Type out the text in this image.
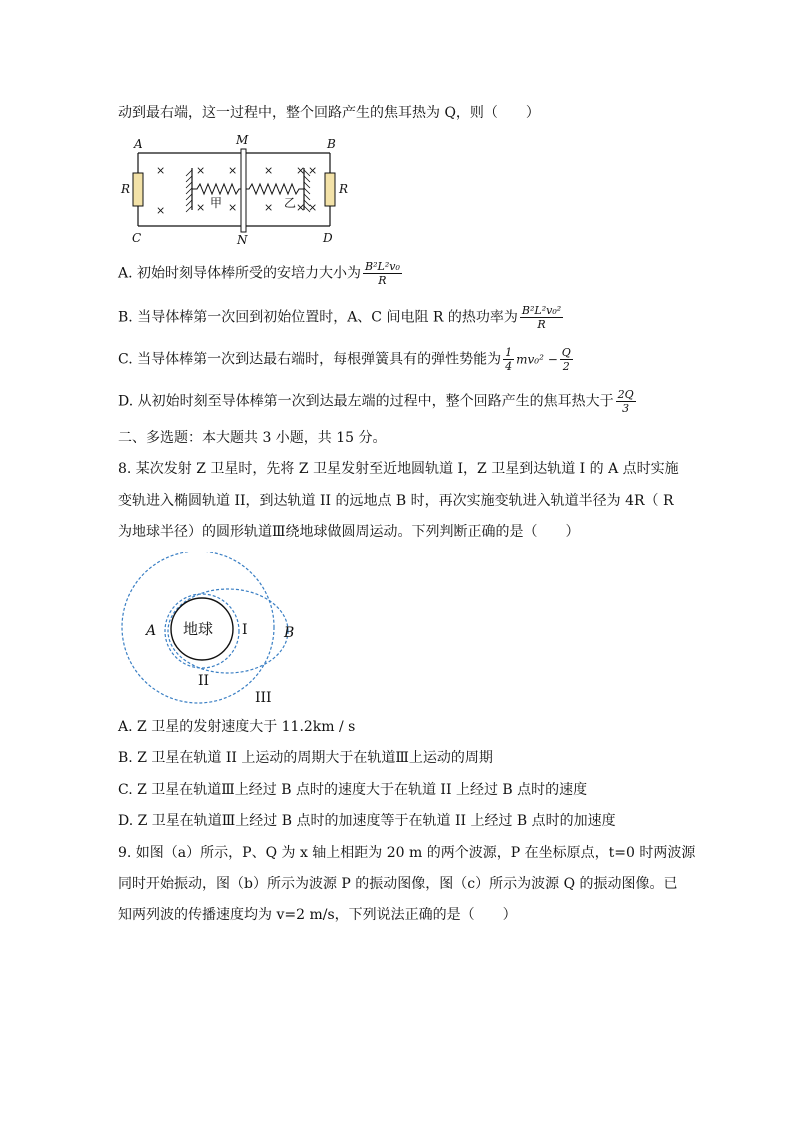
动到最右端，这一过程中，整个回路产生的焦耳热为 Q，则（　　）
×
×
×
×
×
×
×
×
×
×
×
×
A	B
C	D
M
N
R	R
甲	乙
A. 初始时刻导体棒所受的安培力大小为 $\frac{\text{B²L²v₀}}{R}$
B. 当导体棒第一次回到初始位置时，A、C 间电阻 R 的热功率为 $\frac{\text{B²L²v₀²}}{R}$
C. 当导体棒第一次到达最右端时，每根弹簧具有的弹性势能为 $\frac{1}{4} mv_0^2 - \frac{Q}{2}$
D. 从初始时刻至导体棒第一次到达最左端的过程中，整个回路产生的焦耳热大于 $\frac{2Q}{3}$
二、多选题：本大题共 3 小题，共 15 分。
8. 某次发射 Z 卫星时，先将 Z 卫星发射至近地圆轨道 I，Z 卫星到达轨道 I 的 A 点时实施
变轨进入椭圆轨道 II，到达轨道 II 的远地点 B 时，再次实施变轨进入轨道半径为 4R（ R
为地球半径）的圆形轨道Ⅲ绕地球做圆周运动。下列判断正确的是（　　）
地球
A	B
I
II
III
A. Z 卫星的发射速度大于 11.2km / s
B. Z 卫星在轨道 II 上运动的周期大于在轨道Ⅲ上运动的周期
C. Z 卫星在轨道Ⅲ上经过 B 点时的速度大于在轨道 II 上经过 B 点时的速度
D. Z 卫星在轨道Ⅲ上经过 B 点时的加速度等于在轨道 II 上经过 B 点时的加速度
9. 如图（a）所示，P、Q 为 x 轴上相距为 20 m 的两个波源，P 在坐标原点，t=0 时两波源
同时开始振动，图（b）所示为波源 P 的振动图像，图（c）所示为波源 Q 的振动图像。已
知两列波的传播速度均为 v=2 m/s，下列说法正确的是（　　）
